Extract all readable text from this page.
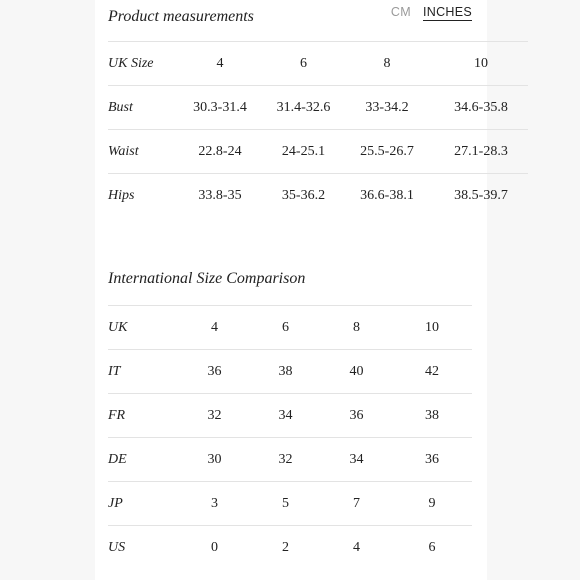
Product measurements	CM INCHES
UK Size	4	6	8	10
Bust	30.3-31.4	31.4-32.6	33-34.2	34.6-35.8
Waist	22.8-24	24-25.1	25.5-26.7	27.1-28.3
Hips	33.8-35	35-36.2	36.6-38.1	38.5-39.7
International Size Comparison
UK	4	6	8	10
IT	36	38	40	42
FR	32	34	36	38
DE	30	32	34	36
JP	3	5	7	9
US	0	2	4	6
